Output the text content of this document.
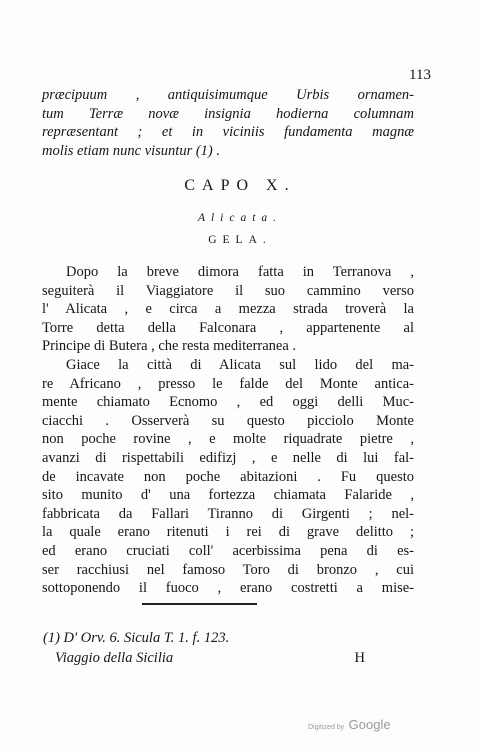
113
præcipuum , antiquisimumque Urbis ornamen-
tum Terræ novæ insignia hodierna columnam
repræsentant ; et in viciniis fundamenta magnæ
molis etiam nunc visuntur (1) .
CAPO X.
Alicata.
GELA.
Dopo la breve dimora fatta in Terranova ,
seguiterà il Viaggiatore il suo cammino verso
l' Alicata , e circa a mezza strada troverà la
Torre detta della Falconara , appartenente al
Principe di Butera , che resta mediterranea .
Giace la città di Alicata sul lido del ma-
re Africano , presso le falde del Monte antica-
mente chiamato Ecnomo , ed oggi delli Muc-
ciacchi . Osserverà su questo picciolo Monte
non poche rovine , e molte riquadrate pietre ,
avanzi di rispettabili edifizj , e nelle di lui fal-
de incavate non poche abitazioni . Fu questo
sito munito d' una fortezza chiamata Falaride ,
fabbricata da Fallari Tiranno di Girgenti ; nel-
la quale erano ritenuti i rei di grave delitto ;
ed erano cruciati coll' acerbissima pena di es-
ser racchiusi nel famoso Toro di bronzo , cui
sottoponendo il fuoco , erano costretti a mise-
(1) D' Orv. 6. Sicula T. 1. f. 123.
Viaggio della Sicilia	H
Digitized by Google
